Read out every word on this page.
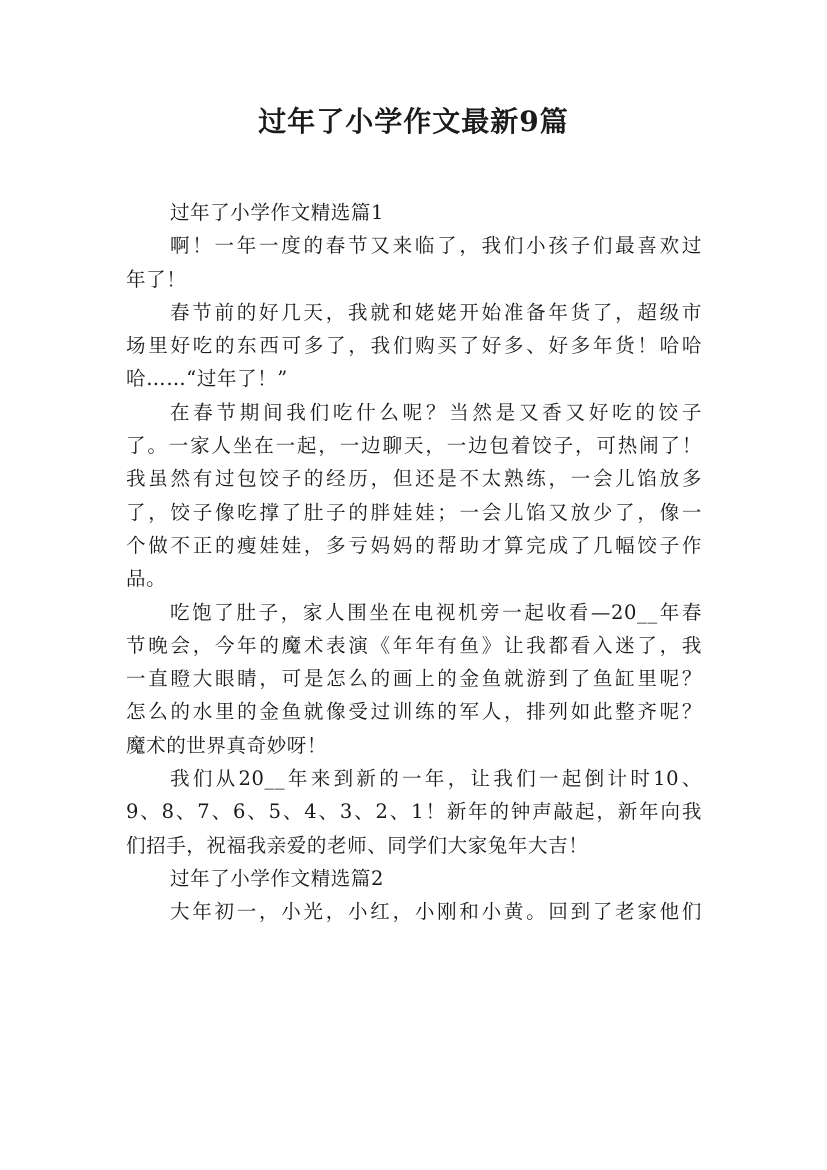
过年了小学作文最新9篇
过年了小学作文精选篇1
啊！一年一度的春节又来临了，我们小孩子们最喜欢过
年了！
春节前的好几天，我就和姥姥开始准备年货了，超级市
场里好吃的东西可多了，我们购买了好多、好多年货！哈哈
哈……“过年了！”
在春节期间我们吃什么呢？当然是又香又好吃的饺子
了。一家人坐在一起，一边聊天，一边包着饺子，可热闹了！
我虽然有过包饺子的经历，但还是不太熟练，一会儿馅放多
了，饺子像吃撑了肚子的胖娃娃；一会儿馅又放少了，像一
个做不正的瘦娃娃，多亏妈妈的帮助才算完成了几幅饺子作
品。
吃饱了肚子，家人围坐在电视机旁一起收看—20__年春
节晚会，今年的魔术表演《年年有鱼》让我都看入迷了，我
一直瞪大眼睛，可是怎么的画上的金鱼就游到了鱼缸里呢？
怎么的水里的金鱼就像受过训练的军人，排列如此整齐呢？
魔术的世界真奇妙呀！
我们从20__年来到新的一年，让我们一起倒计时10、
9、8、7、6、5、4、3、2、1！新年的钟声敲起，新年向我
们招手，祝福我亲爱的老师、同学们大家兔年大吉！
过年了小学作文精选篇2
大年初一，小光，小红，小刚和小黄。回到了老家他们
